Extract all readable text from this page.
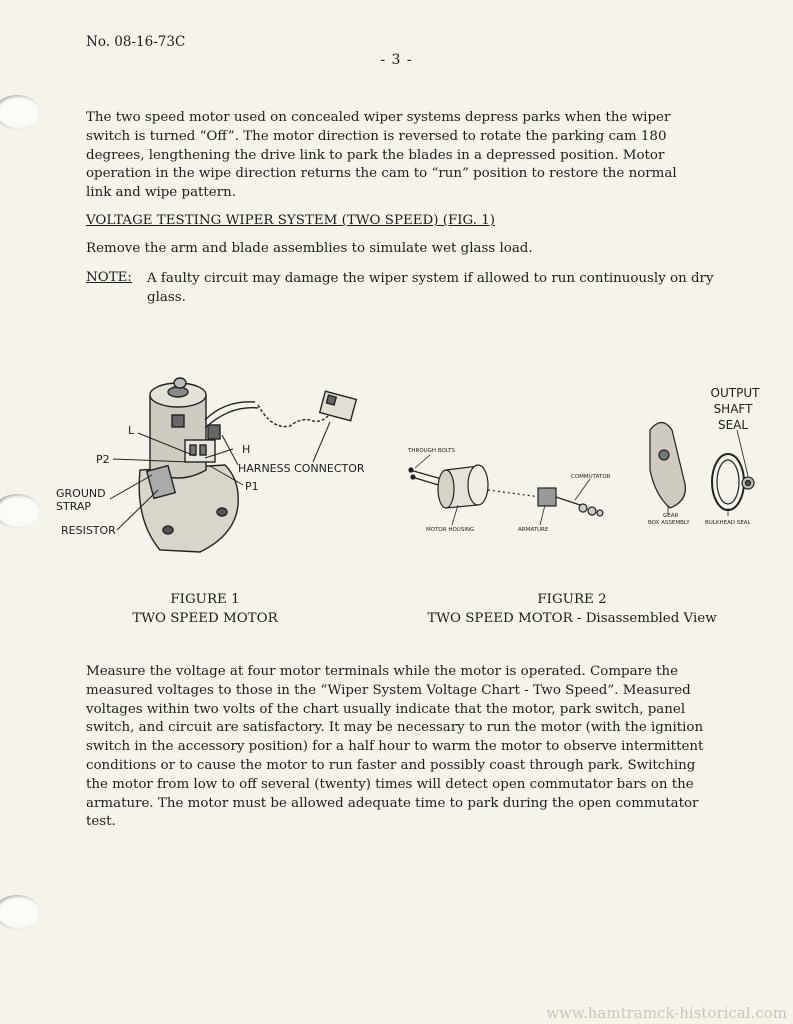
No. 08-16-73C
- 3 -

The two speed motor used on concealed wiper systems depress parks when the wiper switch is turned “Off”. The motor direction is reversed to rotate the parking cam 180 degrees, lengthening the drive link to park the blades in a depressed position. Motor operation in the wipe direction returns the cam to “run” position to restore the normal link and wipe pattern.

VOLTAGE TESTING WIPER SYSTEM (TWO SPEED) (FIG. 1)
Remove the arm and blade assemblies to simulate wet glass load.
NOTE: A faulty circuit may damage the wiper system if allowed to run continuously on dry glass.

L
H
P2
P1
HARNESS CONNECTOR
GROUND
STRAP
RESISTOR
THROUGH BOLTS
MOTOR HOUSING	ARMATURE
COMMUTATOR
GEAR
BOX ASSEMBLY	BULKHEAD SEAL
OUTPUT
SHAFT
SEAL
FIGURE 1
TWO SPEED MOTOR
FIGURE 2
TWO SPEED MOTOR - Disassembled View

Measure the voltage at four motor terminals while the motor is operated. Compare the measured voltages to those in the “Wiper System Voltage Chart - Two Speed”. Measured voltages within two volts of the chart usually indicate that the motor, park switch, panel switch, and circuit are satisfactory. It may be necessary to run the motor (with the ignition switch in the accessory position) for a half hour to warm the motor to observe intermittent conditions or to cause the motor to run faster and possibly coast through park. Switching the motor from low to off several (twenty) times will detect open commutator bars on the armature. The motor must be allowed adequate time to park during the open commutator test.

www.hamtramck-historical.com
